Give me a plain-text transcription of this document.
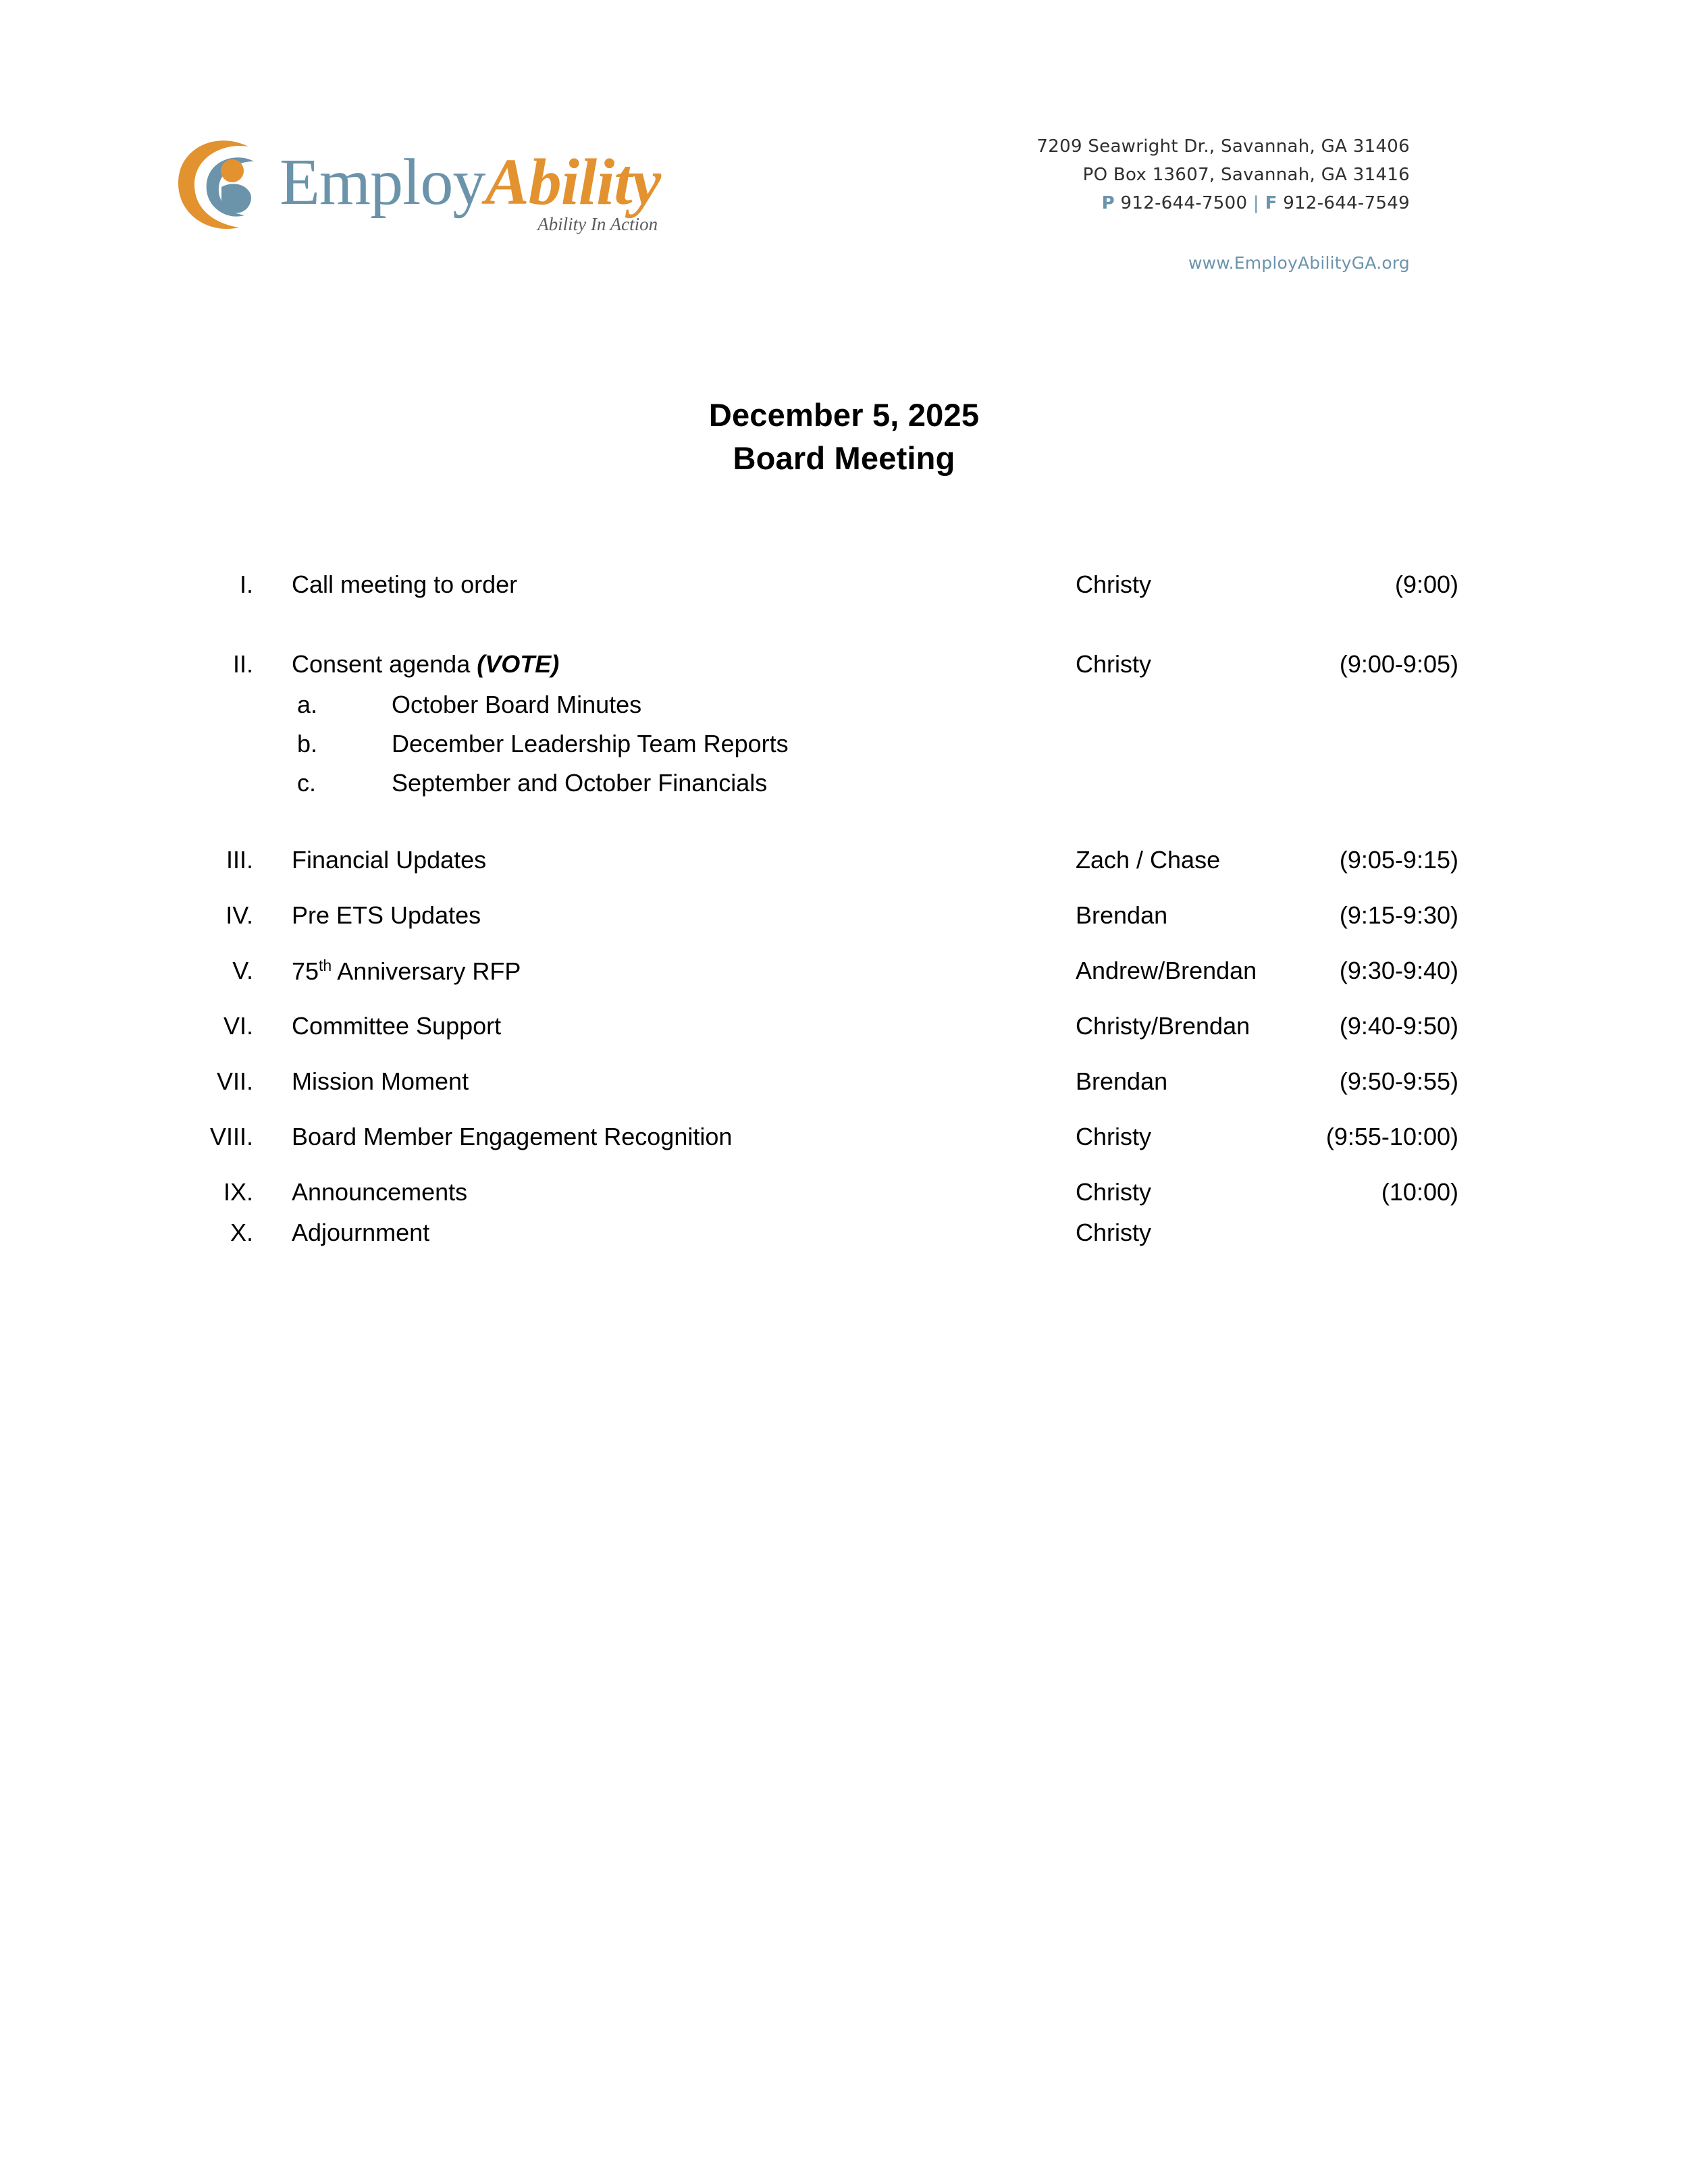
EmployAbility
Ability In Action
7209 Seawright Dr., Savannah, GA 31406
PO Box 13607, Savannah, GA 31416
P 912-644-7500 | F 912-644-7549
www.EmployAbilityGA.org
December 5, 2025
Board Meeting
I. Call meeting to order	Christy	(9:00)
II. Consent agenda (VOTE)	Christy	(9:00-9:05)
a.	October Board Minutes
b.	December Leadership Team Reports
c.	September and October Financials
III. Financial Updates	Zach / Chase	(9:05-9:15)
IV. Pre ETS Updates	Brendan	(9:15-9:30)
V. 75th Anniversary RFP	Andrew/Brendan	(9:30-9:40)
VI. Committee Support	Christy/Brendan	(9:40-9:50)
VII. Mission Moment	Brendan	(9:50-9:55)
VIII. Board Member Engagement Recognition	Christy	(9:55-10:00)
IX. Announcements	Christy	(10:00)
X. Adjournment	Christy
